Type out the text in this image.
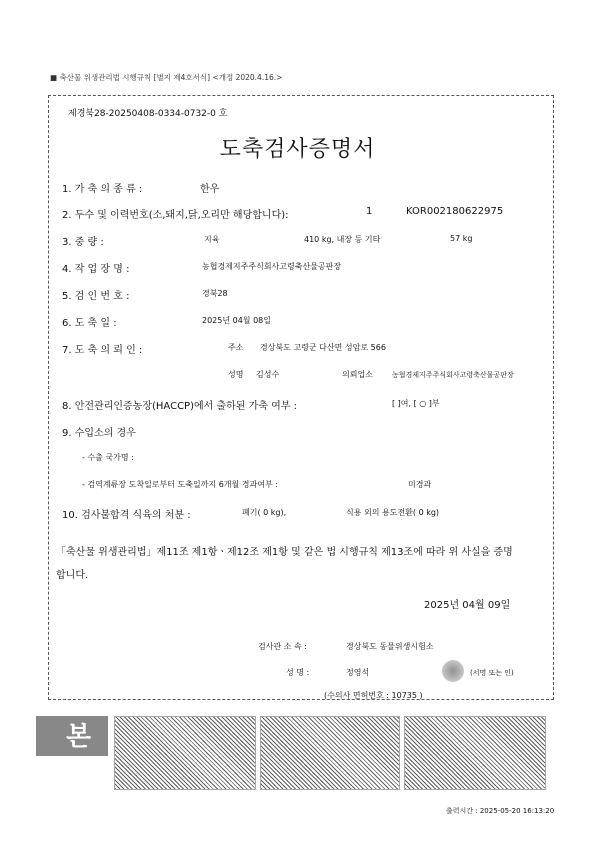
■ 축산물 위생관리법 시행규칙 [별지 제4호서식] <개정 2020.4.16.>
제경북28-20250408-0334-0732-0 호
도축검사증명서
1. 가 축 의 종 류 :	한우
2. 두수 및 이력번호(소,돼지,닭,오리만 해당합니다):	1	KOR002180622975
3. 중 량 :	지육	410 kg, 내장 등 기타	57 kg
4. 작 업 장 명 :	농협경제지주주식회사고령축산물공판장
5. 검 인 번 호 :	경북28
6. 도 축 일 :	2025년 04월 08일
7. 도 축 의 뢰 인 :	주소 경상북도 고령군 다산면 성암로 566
성명 김성수	의뢰업소	농협경제지주주식회사고령축산물공판장
8. 안전관리인증농장(HACCP)에서 출하된 가축 여부 :	[ ]여, [ ○ ]부
9. 수입소의 경우
- 수출 국가명 :
- 검역계류장 도착일로부터 도축일까지 6개월 경과여부 :	미경과
10. 검사불합격 식육의 처분 :	폐기( 0 kg),	식용 외의 용도전환( 0 kg)
「축산물 위생관리법」제11조 제1항ㆍ제12조 제1항 및 같은 법 시행규칙 제13조에 따라 위 사실을 증명
합니다.
2025년 04월 09일
검사관 소 속 :	경상북도 동물위생시험소
성 명 :	정영석	(서명 또는 인)
(수의사 면허번호 : 10735 )
본
출력시간 : 2025-05-20 16:13:20
